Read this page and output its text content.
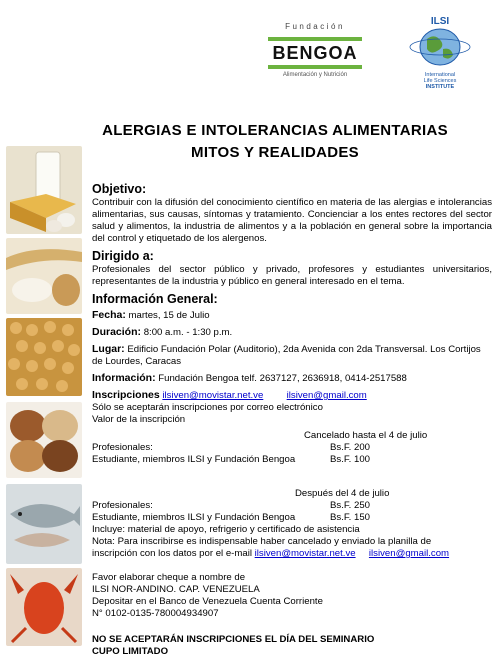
Fundación
BENGOA
Alimentación y Nutrición
ILSI
International
Life Sciences
INSTITUTE
ALERGIAS E INTOLERANCIAS ALIMENTARIAS
MITOS Y REALIDADES
Objetivo:

Contribuir con la difusión del conocimiento científico en materia de las alergias e intolerancias alimentarias, sus causas, síntomas y tratamiento. Concienciar a los entes rectores del sector salud y alimentos, la industria de alimentos y a la población en general sobre la importancia del control y etiquetado de los alergenos.

Dirigido a:

Profesionales del sector público y privado, profesores y estudiantes universitarios, representantes de la industria y público en general interesado en el tema.

Información General:
Fecha: martes, 15 de Julio
Duración: 8:00 a.m. - 1:30 p.m.
Lugar: Edificio Fundación Polar (Auditorio), 2da Avenida con 2da Transversal. Los Cortijos de Lourdes, Caracas
Información: Fundación Bengoa telf. 2637127, 2636918, 0414-2517588
Inscripciones ilsiven@movistar.net.ve ilsiven@gmail.com
Sólo se aceptarán inscripciones por correo electrónico
Valor de la inscripción
Cancelado hasta el 4 de julio
Profesionales:	Bs.F. 200
Estudiante, miembros ILSI y Fundación Bengoa	Bs.F. 100
Después del 4 de julio
Profesionales:	Bs.F. 250
Estudiante, miembros ILSI y Fundación Bengoa	Bs.F. 150
Incluye: material de apoyo, refrigerio y certificado de asistencia
Nota: Para inscribirse es indispensable haber cancelado y enviado la planilla de
inscripción con los datos por el e-mail ilsiven@movistar.net.ve ilsiven@gmail.com
Favor elaborar cheque a nombre de
ILSI NOR-ANDINO. CAP. VENEZUELA
Depositar en el Banco de Venezuela Cuenta Corriente
N° 0102-0135-780004934907
NO SE ACEPTARÁN INSCRIPCIONES EL DÍA DEL SEMINARIO
CUPO LIMITADO
